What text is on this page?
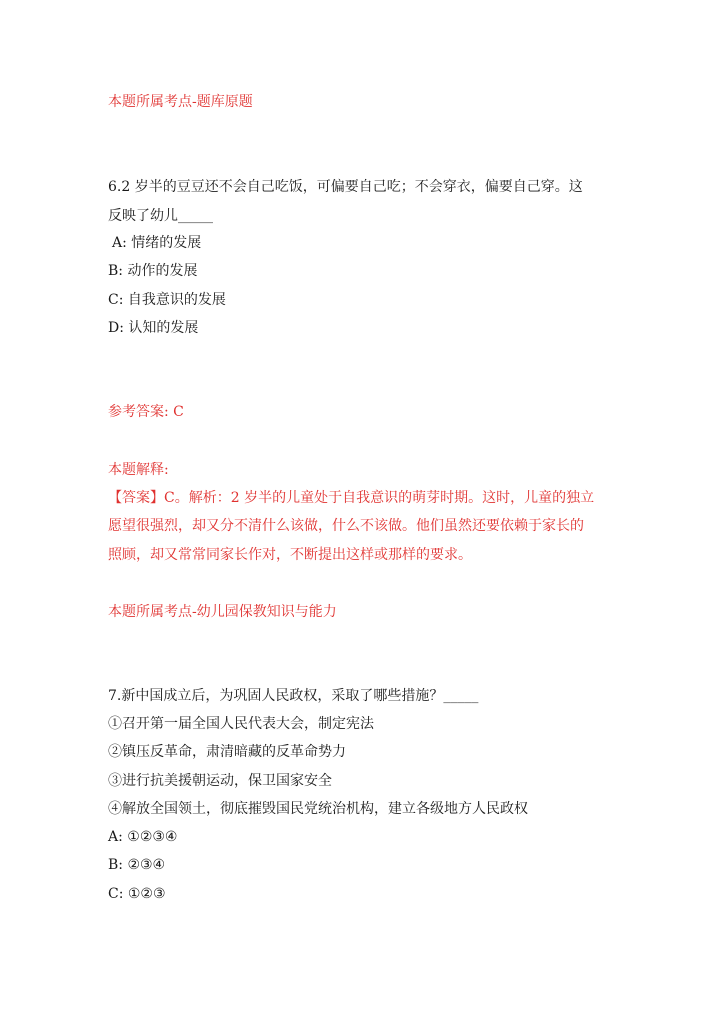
本题所属考点-题库原题
6.2 岁半的豆豆还不会自己吃饭，可偏要自己吃；不会穿衣，偏要自己穿。这
反映了幼儿_____
A: 情绪的发展
B: 动作的发展
C: 自我意识的发展
D: 认知的发展
参考答案: C
本题解释:
【答案】C。解析：2 岁半的儿童处于自我意识的萌芽时期。这时，儿童的独立
愿望很强烈，却又分不清什么该做，什么不该做。他们虽然还要依赖于家长的
照顾，却又常常同家长作对，不断提出这样或那样的要求。
本题所属考点-幼儿园保教知识与能力
7.新中国成立后，为巩固人民政权，采取了哪些措施？_____
①召开第一届全国人民代表大会，制定宪法
②镇压反革命，肃清暗藏的反革命势力
③进行抗美援朝运动，保卫国家安全
④解放全国领土，彻底摧毁国民党统治机构，建立各级地方人民政权
A: ①②③④
B: ②③④
C: ①②③
